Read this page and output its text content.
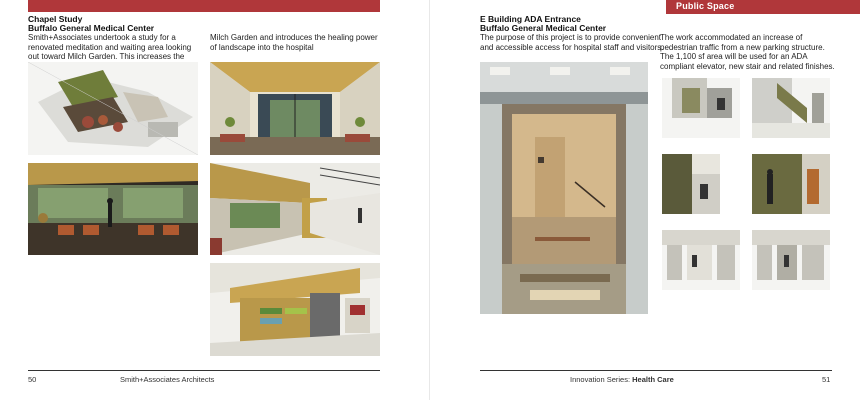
Chapel Study
Buffalo General Medical Center
Smith+Associates undertook a study for a renovated meditation and waiting area looking out toward Milch Garden. This increases the
Milch Garden and introduces the healing power of landscape into the hospital
50	Smith+Associates Architects
Public Space
E Building ADA Entrance
Buffalo General Medical Center
The purpose of this project is to provide convenient and accessible access for hospital staff and visitors.
The work accommodated an increase of pedestrian traffic from a new parking structure. The 1,100 sf area will be used for an ADA compliant elevator, new stair and related finishes.
Innovation Series: Health Care	51
